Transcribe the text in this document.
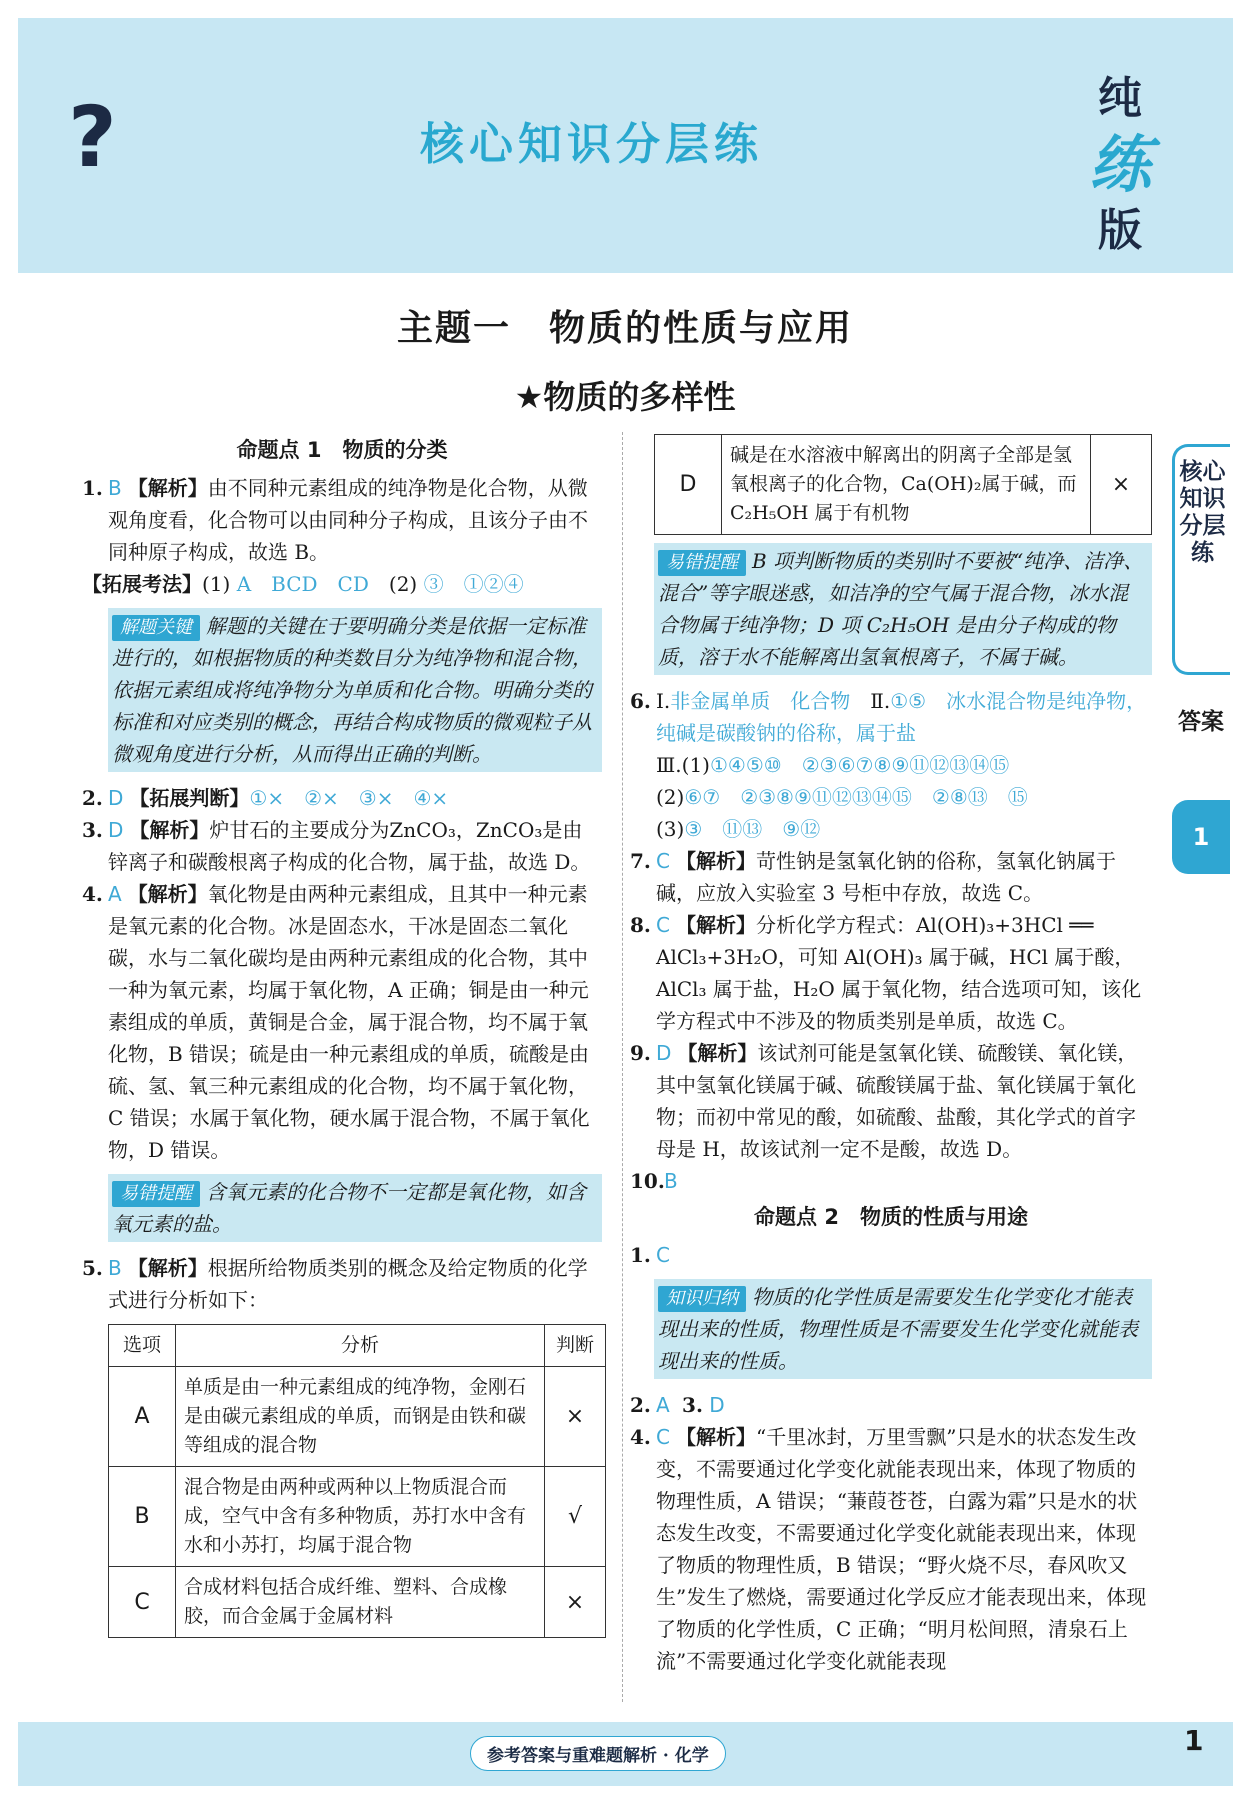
?	核心知识分层练
纯
练
版
主题一　物质的性质与应用
★物质的多样性
命题点 1　物质的分类
1. B 【解析】由不同种元素组成的纯净物是化合物，从微观角度看，化合物可以由同种分子构成，且该分子由不同种原子构成，故选 B。
【拓展考法】(1) A　BCD　CD　 (2) ③　①②④
解题关键 解题的关键在于要明确分类是依据一定标准进行的，如根据物质的种类数目分为纯净物和混合物，依据元素组成将纯净物分为单质和化合物。明确分类的标准和对应类别的概念，再结合构成物质的微观粒子从微观角度进行分析，从而得出正确的判断。
2. D 【拓展判断】①×　②×　③×　④×
3. D 【解析】炉甘石的主要成分为ZnCO₃，ZnCO₃是由锌离子和碳酸根离子构成的化合物，属于盐，故选 D。
4. A 【解析】氧化物是由两种元素组成，且其中一种元素是氧元素的化合物。冰是固态水，干冰是固态二氧化碳，水与二氧化碳均是由两种元素组成的化合物，其中一种为氧元素，均属于氧化物，A 正确；铜是由一种元素组成的单质，黄铜是合金，属于混合物，均不属于氧化物，B 错误；硫是由一种元素组成的单质，硫酸是由硫、氢、氧三种元素组成的化合物，均不属于氧化物，C 错误；水属于氧化物，硬水属于混合物，不属于氧化物，D 错误。
易错提醒 含氧元素的化合物不一定都是氧化物，如含氧元素的盐。
5. B 【解析】根据所给物质类别的概念及给定物质的化学式进行分析如下：
选项	分析	判断
A	单质是由一种元素组成的纯净物，金刚石是由碳元素组成的单质，而钢是由铁和碳等组成的混合物	×
B	混合物是由两种或两种以上物质混合而成，空气中含有多种物质，苏打水中含有水和小苏打，均属于混合物	√
C	合成材料包括合成纤维、塑料、合成橡胶，而合金属于金属材料	×
D	碱是在水溶液中解离出的阴离子全部是氢氧根离子的化合物，Ca(OH)₂属于碱，而 C₂H₅OH 属于有机物	×
易错提醒 B 项判断物质的类别时不要被“纯净、洁净、混合”等字眼迷惑，如洁净的空气属于混合物，冰水混合物属于纯净物；D 项 C₂H₅OH 是由分子构成的物质，溶于水不能解离出氢氧根离子，不属于碱。
6. Ⅰ.非金属单质　化合物　 Ⅱ.①⑤　冰水混合物是纯净物，纯碱是碳酸钠的俗称，属于盐
Ⅲ.(1)①④⑤⑩　②③⑥⑦⑧⑨⑪⑫⑬⑭⑮
(2)⑥⑦　②③⑧⑨⑪⑫⑬⑭⑮　②⑧⑬　⑮
(3)③　⑪⑬　⑨⑫
7. C 【解析】苛性钠是氢氧化钠的俗称，氢氧化钠属于碱，应放入实验室 3 号柜中存放，故选 C。
8. C 【解析】分析化学方程式：Al(OH)₃+3HCl ══ AlCl₃+3H₂O，可知 Al(OH)₃ 属于碱，HCl 属于酸，AlCl₃ 属于盐，H₂O 属于氧化物，结合选项可知，该化学方程式中不涉及的物质类别是单质，故选 C。
9. D 【解析】该试剂可能是氢氧化镁、硫酸镁、氧化镁，其中氢氧化镁属于碱、硫酸镁属于盐、氧化镁属于氧化物；而初中常见的酸，如硫酸、盐酸，其化学式的首字母是 H，故该试剂一定不是酸，故选 D。
10. B
命题点 2　物质的性质与用途
1. C
知识归纳 物质的化学性质是需要发生化学变化才能表现出来的性质，物理性质是不需要发生化学变化就能表现出来的性质。
2. A 3. D
4. C 【解析】“千里冰封，万里雪飘”只是水的状态发生改变，不需要通过化学变化就能表现出来，体现了物质的物理性质，A 错误；“蒹葭苍苍，白露为霜”只是水的状态发生改变，不需要通过化学变化就能表现出来，体现了物质的物理性质，B 错误；“野火烧不尽，春风吹又生”发生了燃烧，需要通过化学反应才能表现出来，体现了物质的化学性质，C 正确；“明月松间照，清泉石上流”不需要通过化学变化就能表现
核心知识分层练
答案
1
参考答案与重难题解析 · 化学	1
